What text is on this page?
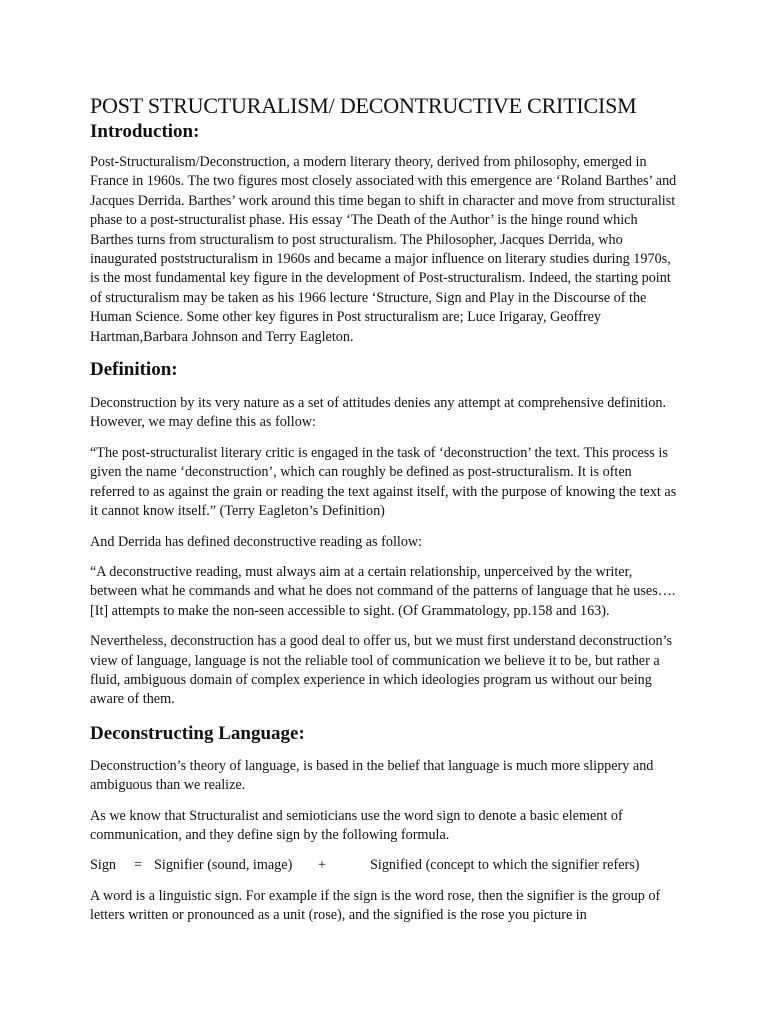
POST STRUCTURALISM/ DECONTRUCTIVE CRITICISM
Introduction:

Post-Structuralism/Deconstruction, a modern literary theory, derived from philosophy, emerged in France in 1960s. The two figures most closely associated with this emergence are ‘Roland Barthes’ and Jacques Derrida. Barthes’ work around this time began to shift in character and move from structuralist phase to a post-structuralist phase. His essay ‘The Death of the Author’ is the hinge round which Barthes turns from structuralism to post structuralism. The Philosopher, Jacques Derrida, who inaugurated poststructuralism in 1960s and became a major influence on literary studies during 1970s, is the most fundamental key figure in the development of Post-structuralism. Indeed, the starting point of structuralism may be taken as his 1966 lecture ‘Structure, Sign and Play in the Discourse of the Human Science. Some other key figures in Post structuralism are; Luce Irigaray, Geoffrey Hartman,Barbara Johnson and Terry Eagleton.

Definition:

Deconstruction by its very nature as a set of attitudes denies any attempt at comprehensive definition. However, we may define this as follow:

“The post-structuralist literary critic is engaged in the task of ‘deconstruction’ the text. This process is given the name ‘deconstruction’, which can roughly be defined as post-structuralism. It is often referred to as against the grain or reading the text against itself, with the purpose of knowing the text as it cannot know itself.” (Terry Eagleton’s Definition)

And Derrida has defined deconstructive reading as follow:

“A deconstructive reading, must always aim at a certain relationship, unperceived by the writer, between what he commands and what he does not command of the patterns of language that he uses…. [It] attempts to make the non-seen accessible to sight. (Of Grammatology, pp.158 and 163).

Nevertheless, deconstruction has a good deal to offer us, but we must first understand deconstruction’s view of language, language is not the reliable tool of communication we believe it to be, but rather a fluid, ambiguous domain of complex experience in which ideologies program us without our being aware of them.

Deconstructing Language:

Deconstruction’s theory of language, is based in the belief that language is much more slippery and ambiguous than we realize.

As we know that Structuralist and semioticians use the word sign to denote a basic element of communication, and they define sign by the following formula.

Sign = Signifier (sound, image) +	Signified (concept to which the signifier refers)

A word is a linguistic sign. For example if the sign is the word rose, then the signifier is the group of letters written or pronounced as a unit (rose), and the signified is the rose you picture in
